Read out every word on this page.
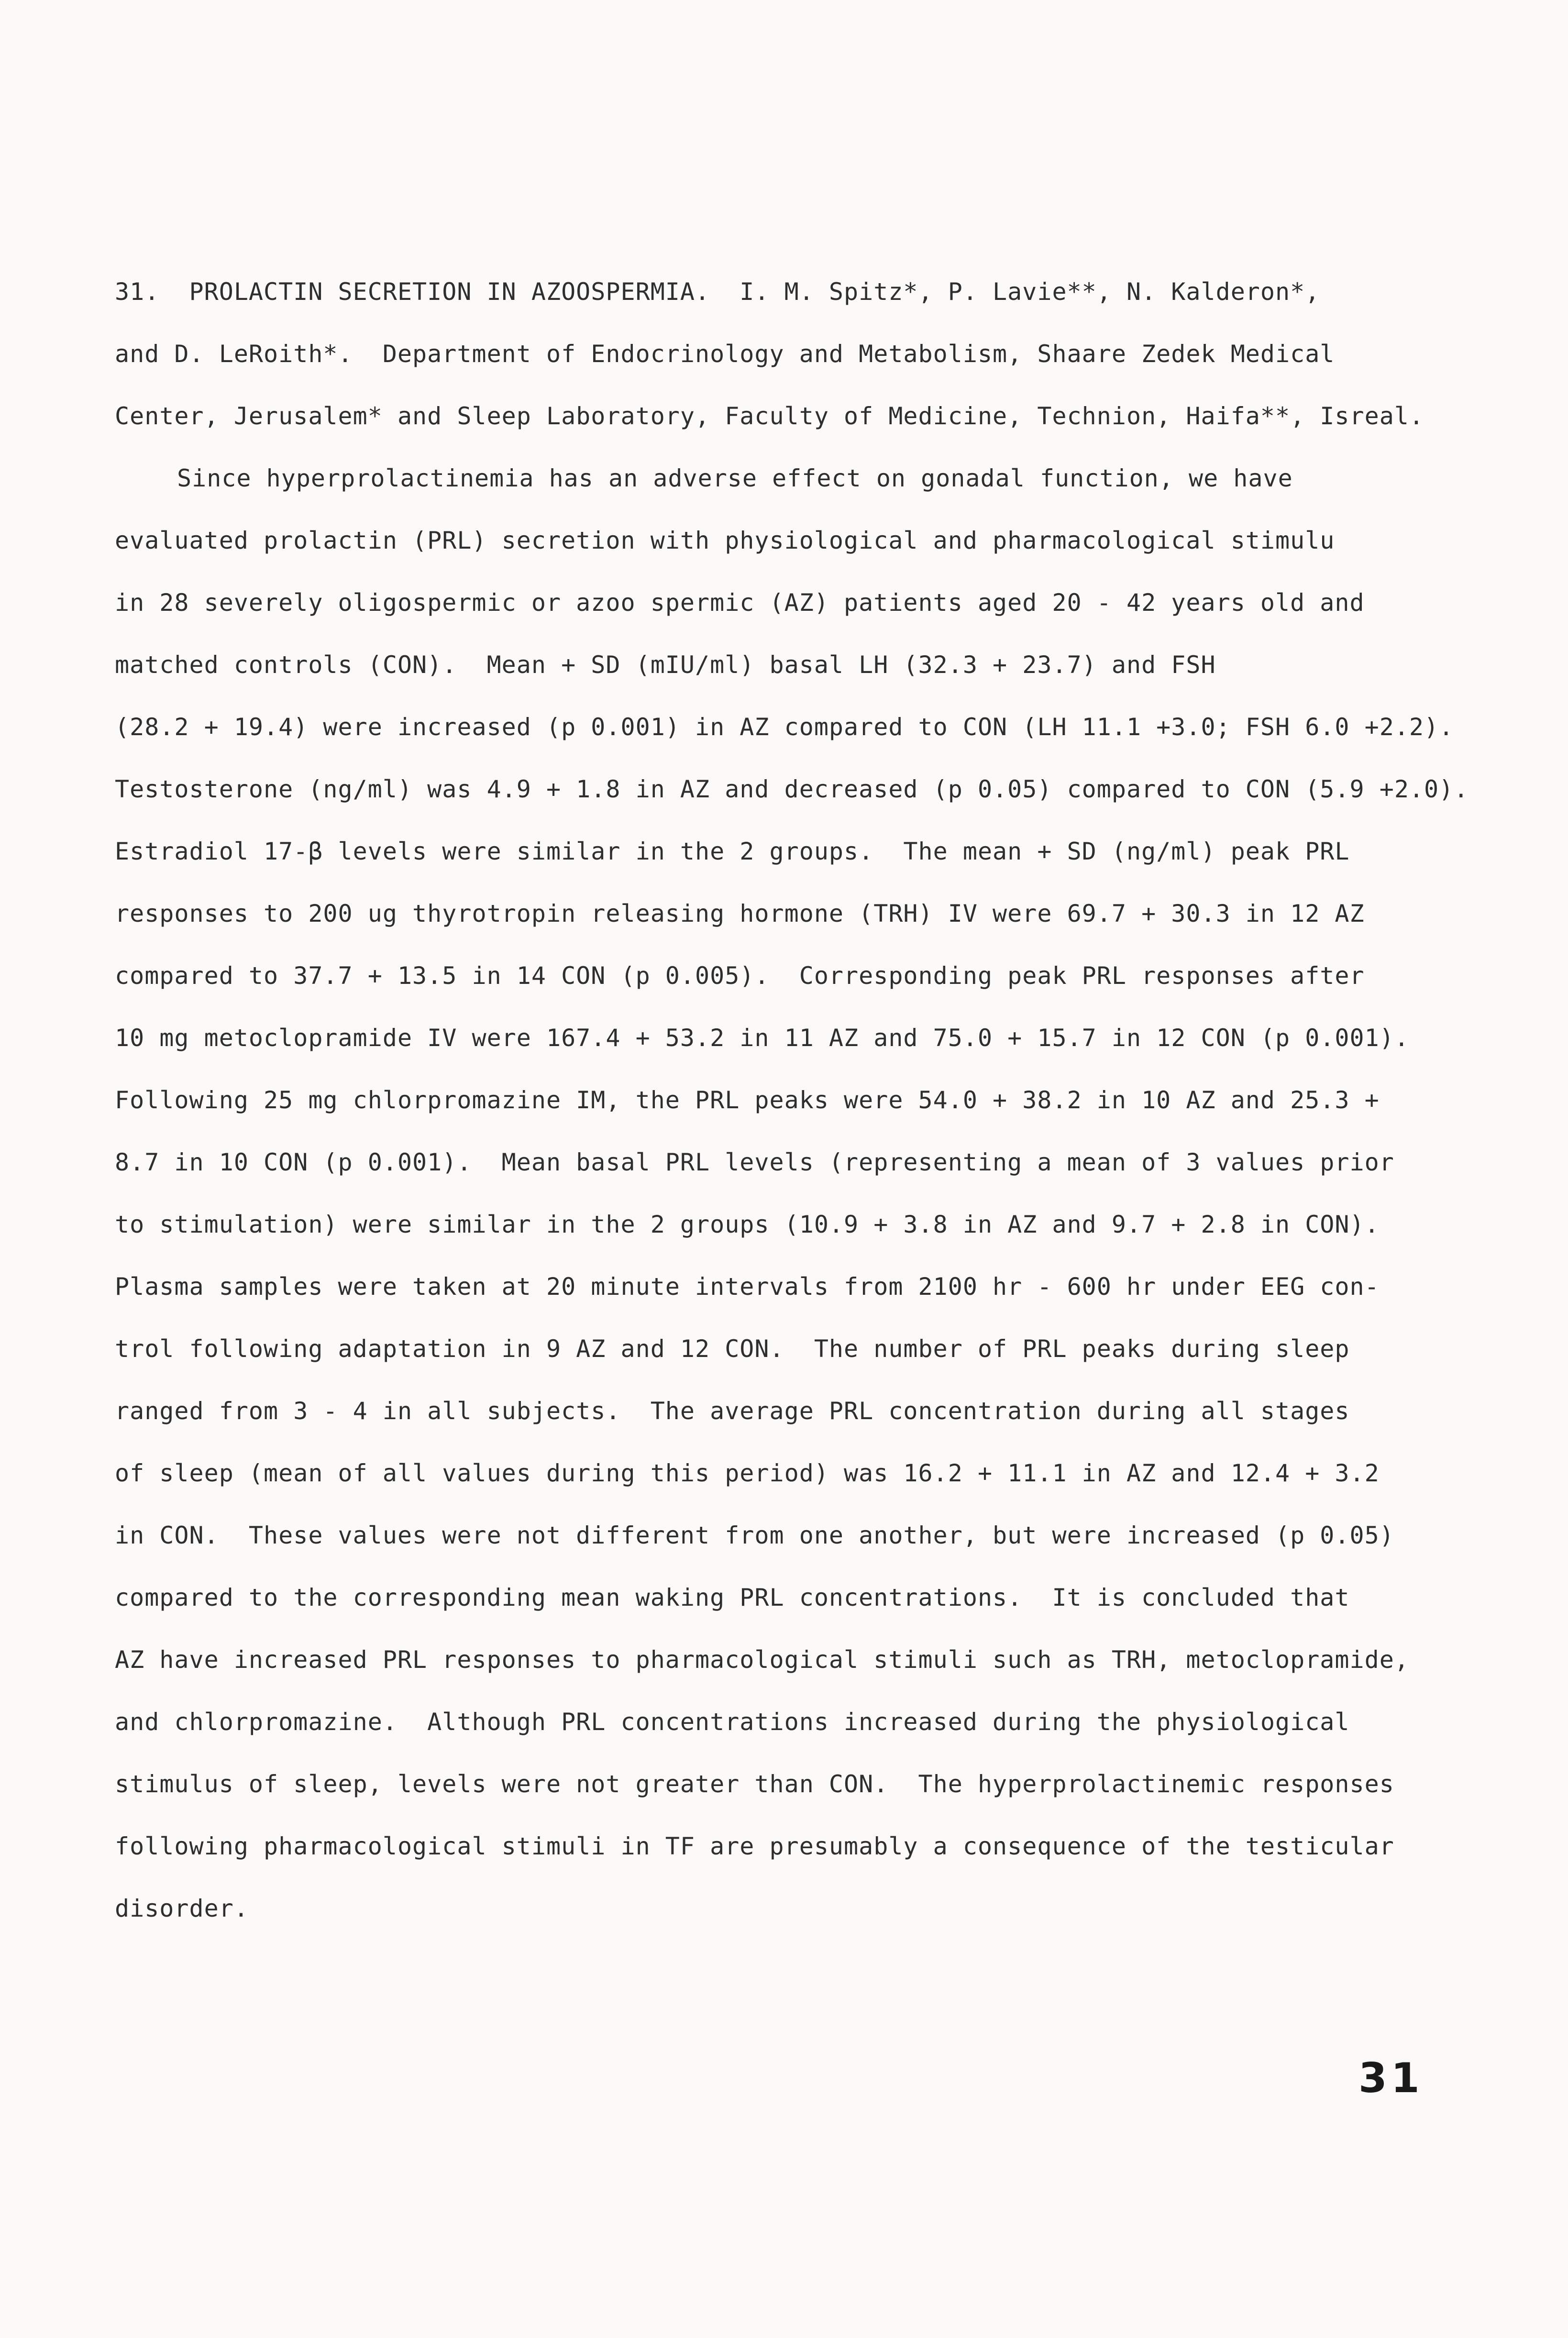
31.  PROLACTIN SECRETION IN AZOOSPERMIA.  I. M. Spitz*, P. Lavie**, N. Kalderon*,
and D. LeRoith*.  Department of Endocrinology and Metabolism, Shaare Zedek Medical
Center, Jerusalem* and Sleep Laboratory, Faculty of Medicine, Technion, Haifa**, Isreal.
Since hyperprolactinemia has an adverse effect on gonadal function, we have
evaluated prolactin (PRL) secretion with physiological and pharmacological stimulu
in 28 severely oligospermic or azoo spermic (AZ) patients aged 20 - 42 years old and
matched controls (CON).  Mean + SD (mIU/ml) basal LH (32.3 + 23.7) and FSH
(28.2 + 19.4) were increased (p 0.001) in AZ compared to CON (LH 11.1 +3.0; FSH 6.0 +2.2).
Testosterone (ng/ml) was 4.9 + 1.8 in AZ and decreased (p 0.05) compared to CON (5.9 +2.0).
Estradiol 17-β levels were similar in the 2 groups.  The mean + SD (ng/ml) peak PRL
responses to 200 ug thyrotropin releasing hormone (TRH) IV were 69.7 + 30.3 in 12 AZ
compared to 37.7 + 13.5 in 14 CON (p 0.005).  Corresponding peak PRL responses after
10 mg metoclopramide IV were 167.4 + 53.2 in 11 AZ and 75.0 + 15.7 in 12 CON (p 0.001).
Following 25 mg chlorpromazine IM, the PRL peaks were 54.0 + 38.2 in 10 AZ and 25.3 +
8.7 in 10 CON (p 0.001).  Mean basal PRL levels (representing a mean of 3 values prior
to stimulation) were similar in the 2 groups (10.9 + 3.8 in AZ and 9.7 + 2.8 in CON).
Plasma samples were taken at 20 minute intervals from 2100 hr - 600 hr under EEG con-
trol following adaptation in 9 AZ and 12 CON.  The number of PRL peaks during sleep
ranged from 3 - 4 in all subjects.  The average PRL concentration during all stages
of sleep (mean of all values during this period) was 16.2 + 11.1 in AZ and 12.4 + 3.2
in CON.  These values were not different from one another, but were increased (p 0.05)
compared to the corresponding mean waking PRL concentrations.  It is concluded that
AZ have increased PRL responses to pharmacological stimuli such as TRH, metoclopramide,
and chlorpromazine.  Although PRL concentrations increased during the physiological
stimulus of sleep, levels were not greater than CON.  The hyperprolactinemic responses
following pharmacological stimuli in TF are presumably a consequence of the testicular
disorder.
31
